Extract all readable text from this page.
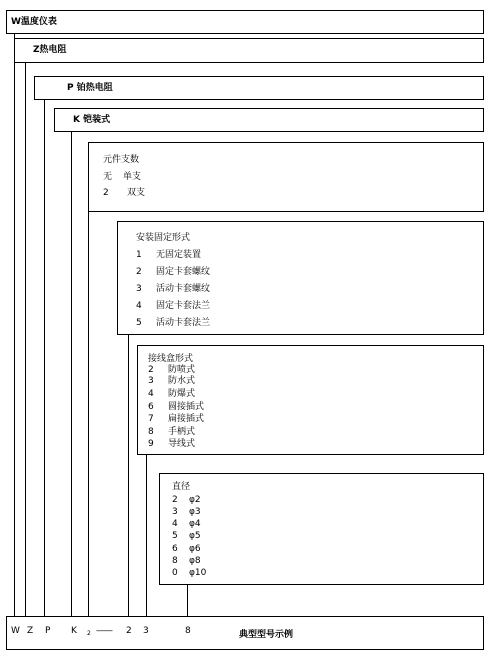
W温度仪表
Z热电阻
P 铂热电阻
K 铠装式
元件支数
无 单支
2 双支
安装固定形式
1 无固定装置
2 固定卡套螺纹
3 活动卡套螺纹
4 固定卡套法兰
5 活动卡套法兰
接线盒形式
2 防喷式
3 防水式
4 防爆式
6 圆接插式
7 扁接插式
8 手柄式
9 导线式
直径
2 φ2
3 φ3
4 φ4
5 φ5
6 φ6
8 φ8
0 φ10
W Z P K 2 —— 2 3	8	典型型号示例
